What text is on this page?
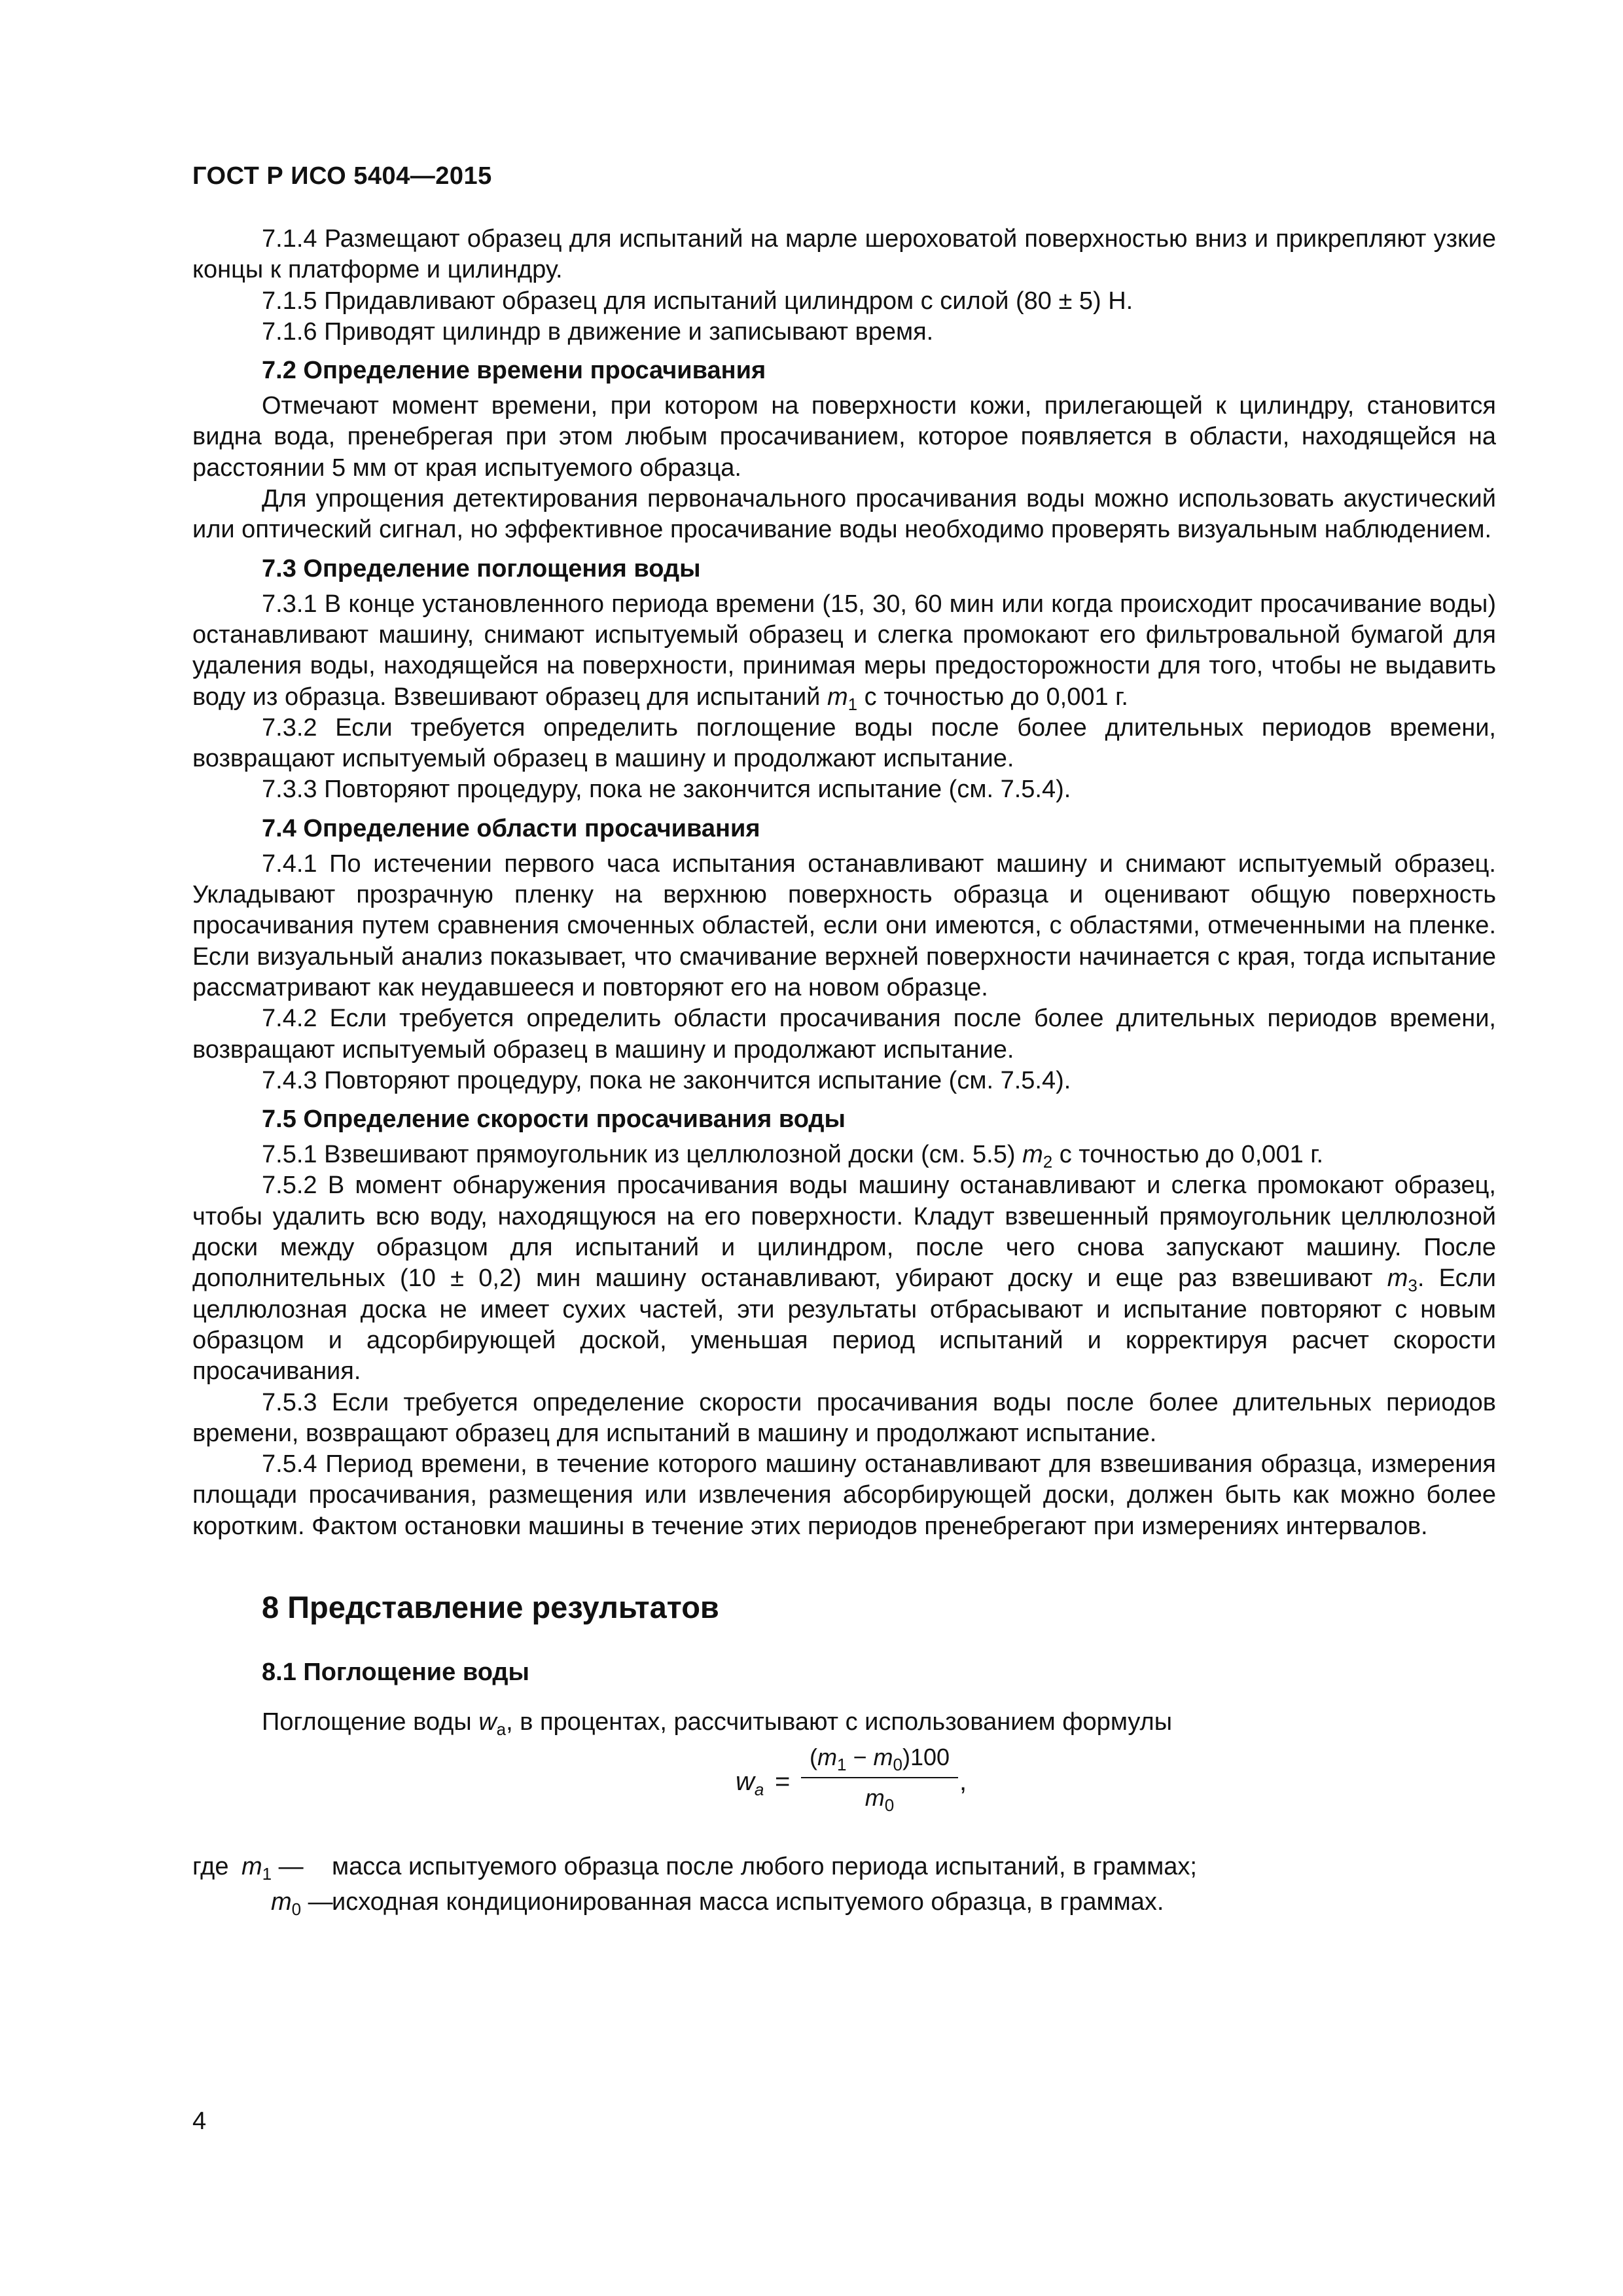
ГОСТ Р ИСО 5404—2015

7.1.4 Размещают образец для испытаний на марле шероховатой поверхностью вниз и прикрепляют узкие концы к платформе и цилиндру.

7.1.5 Придавливают образец для испытаний цилиндром с силой (80 ± 5) Н.

7.1.6 Приводят цилиндр в движение и записывают время.

7.2 Определение времени просачивания

Отмечают момент времени, при котором на поверхности кожи, прилегающей к цилиндру, становится видна вода, пренебрегая при этом любым просачиванием, которое появляется в области, находящейся на расстоянии 5 мм от края испытуемого образца.

Для упрощения детектирования первоначального просачивания воды можно использовать акустический или оптический сигнал, но эффективное просачивание воды необходимо проверять визуальным наблюдением.

7.3 Определение поглощения воды

7.3.1 В конце установленного периода времени (15, 30, 60 мин или когда происходит просачивание воды) останавливают машину, снимают испытуемый образец и слегка промокают его фильтровальной бумагой для удаления воды, находящейся на поверхности, принимая меры предосторожности для того, чтобы не выдавить воду из образца. Взвешивают образец для испытаний $m_1$ с точностью до 0,001 г.

7.3.2 Если требуется определить поглощение воды после более длительных периодов времени, возвращают испытуемый образец в машину и продолжают испытание.

7.3.3 Повторяют процедуру, пока не закончится испытание (см. 7.5.4).

7.4 Определение области просачивания

7.4.1 По истечении первого часа испытания останавливают машину и снимают испытуемый образец. Укладывают прозрачную пленку на верхнюю поверхность образца и оценивают общую поверхность просачивания путем сравнения смоченных областей, если они имеются, с областями, отмеченными на пленке. Если визуальный анализ показывает, что смачивание верхней поверхности начинается с края, тогда испытание рассматривают как неудавшееся и повторяют его на новом образце.

7.4.2 Если требуется определить области просачивания после более длительных периодов времени, возвращают испытуемый образец в машину и продолжают испытание.

7.4.3 Повторяют процедуру, пока не закончится испытание (см. 7.5.4).

7.5 Определение скорости просачивания воды

7.5.1 Взвешивают прямоугольник из целлюлозной доски (см. 5.5) $m_2$ с точностью до 0,001 г.

7.5.2 В момент обнаружения просачивания воды машину останавливают и слегка промокают образец, чтобы удалить всю воду, находящуюся на его поверхности. Кладут взвешенный прямоугольник целлюлозной доски между образцом для испытаний и цилиндром, после чего снова запускают машину. После дополнительных (10 ± 0,2) мин машину останавливают, убирают доску и еще раз взвешивают $m_3$. Если целлюлозная доска не имеет сухих частей, эти результаты отбрасывают и испытание повторяют с новым образцом и адсорбирующей доской, уменьшая период испытаний и корректируя расчет скорости просачивания.

7.5.3 Если требуется определение скорости просачивания воды после более длительных периодов времени, возвращают образец для испытаний в машину и продолжают испытание.

7.5.4 Период времени, в течение которого машину останавливают для взвешивания образца, измерения площади просачивания, размещения или извлечения абсорбирующей доски, должен быть как можно более коротким. Фактом остановки машины в течение этих периодов пренебрегают при измерениях интервалов.

8 Представление результатов
8.1 Поглощение воды

Поглощение воды $w_a$, в процентах, рассчитывают с использованием формулы

$w_a = \frac{(m_1 - m_0)100}{m_0}$ ,
где $m_1$ — масса испытуемого образца после любого периода испытаний, в граммах;
$m_0$ —
исходная кондиционированная масса испытуемого образца, в граммах.
4
